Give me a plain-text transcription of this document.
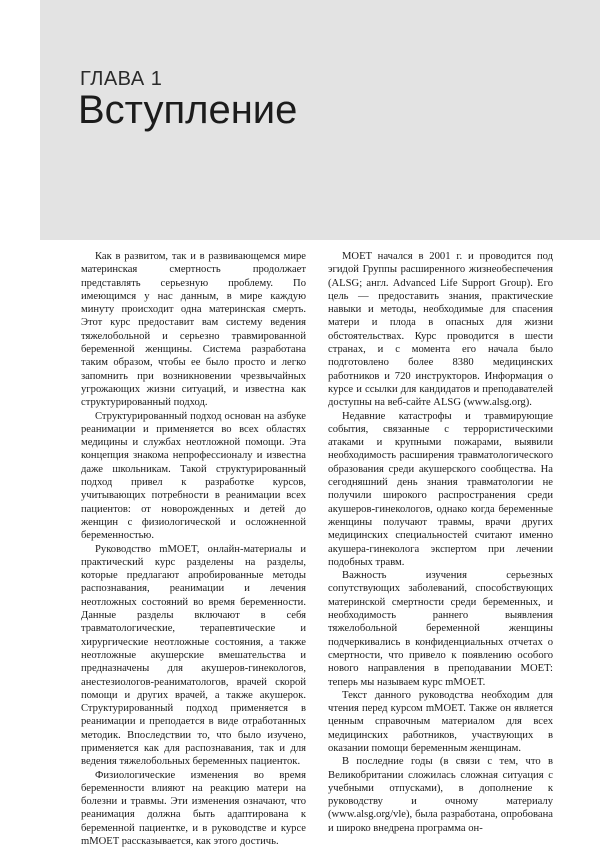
ГЛАВА 1
Вступление

Как в развитом, так и в развивающемся мире материнская смертность продолжает представлять серьезную проблему. По имеющимся у нас данным, в мире каждую минуту происходит одна материнская смерть. Этот курс предоставит вам систему ведения тяжелобольной и серьезно травмированной беременной женщины. Система разработана таким образом, чтобы ее было просто и легко запомнить при возникновении чрезвычайных угрожающих жизни ситуаций, и известна как структурированный подход.

Структурированный подход основан на азбуке реанимации и применяется во всех областях медицины и службах неотложной помощи. Эта концепция знакома непрофессионалу и известна даже школьникам. Такой структурированный подход привел к разработке курсов, учитывающих потребности в реанимации всех пациентов: от новорожденных и детей до женщин с физиологической и осложненной беременностью.

Руководство mMOET, онлайн-материалы и практический курс разделены на разделы, которые предлагают апробированные методы распознавания, реанимации и лечения неотложных состояний во время беременности. Данные разделы включают в себя травматологические, терапевтические и хирургические неотложные состояния, а также неотложные акушерские вмешательства и предназначены для акушеров-гинекологов, анестезиологов-реаниматологов, врачей скорой помощи и других врачей, а также акушерок. Структурированный подход применяется в реанимации и преподается в виде отработанных методик. Впоследствии то, что было изучено, применяется как для распознавания, так и для ведения тяжелобольных беременных пациенток.

Физиологические изменения во время беременности влияют на реакцию матери на болезни и травмы. Эти изменения означают, что реанимация должна быть адаптирована к беременной пациентке, и в руководстве и курсе mMOET рассказывается, как этого достичь.

MOET начался в 2001 г. и проводится под эгидой Группы расширенного жизнеобеспечения (ALSG; англ. Advanced Life Support Group). Его цель — предоставить знания, практические навыки и методы, необходимые для спасения матери и плода в опасных для жизни обстоятельствах. Курс проводится в шести странах, и с момента его начала было подготовлено более 8380 медицинских работников и 720 инструкторов. Информация о курсе и ссылки для кандидатов и преподавателей доступны на веб-сайте ALSG (www.alsg.org).

Недавние катастрофы и травмирующие события, связанные с террористическими атаками и крупными пожарами, выявили необходимость расширения травматологического образования среди акушерского сообщества. На сегодняшний день знания травматологии не получили широкого распространения среди акушеров-гинекологов, однако когда беременные женщины получают травмы, врачи других медицинских специальностей считают именно акушера-гинеколога экспертом при лечении подобных травм.

Важность изучения серьезных сопутствующих заболеваний, способствующих материнской смертности среди беременных, и необходимость раннего выявления тяжелобольной беременной женщины подчеркивались в конфиденциальных отчетах о смертности, что привело к появлению особого нового направления в преподавании MOET: теперь мы называем курс mMOET.

Текст данного руководства необходим для чтения перед курсом mMOET. Также он является ценным справочным материалом для всех медицинских работников, участвующих в оказании помощи беременным женщинам.

В последние годы (в связи с тем, что в Великобритании сложилась сложная ситуация с учебными отпусками), в дополнение к руководству и очному материалу (www.alsg.org/vle), была разработана, опробована и широко внедрена программа он-
